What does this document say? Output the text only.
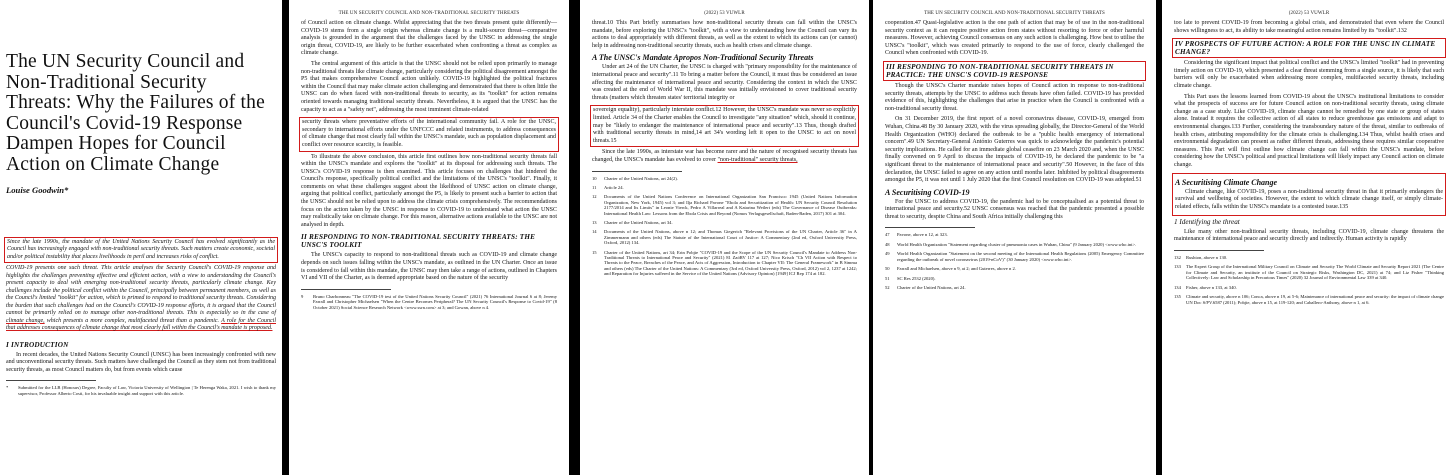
The UN Security Council and Non-Traditional Security Threats: Why the Failures of the Council's Covid-19 Response Dampen Hopes for Council Action on Climate Change
Louise Goodwin*
Since the late 1990s, the mandate of the United Nations Security Council has evolved significantly as the Council has increasingly engaged with non-traditional security threats. Such matters create economic, societal and/or political instability that places livelihoods in peril and increases risks of conflict.
COVID-19 presents one such threat. This article analyses the Security Council's COVID-19 response and highlights the challenges preventing effective and efficient action, with a view to understanding the Council's present capacity to deal with emerging non-traditional security threats, particularly climate change. Key challenges include the political conflict within the Council, principally between permanent members, as well as the Council's limited "toolkit" for action, which is primed to respond to traditional security threats. Considering the burden that such challenges had on the Council's COVID-19 response efforts, it is argued that the Council cannot be primarily relied on to manage other non-traditional threats. This is especially so in the case of climate change, which presents a more complex, multifaceted threat than a pandemic. A role for the Council that addresses consequences of climate change that most clearly fall within the Council's mandate is proposed.
I INTRODUCTION
In recent decades, the United Nations Security Council (UNSC) has been increasingly confronted with new and unconventional security threats. Such matters have challenged the Council as they stem not from traditional security threats, as most Council matters do, but from events which cause
*	Submitted for the LLB (Honours) Degree, Faculty of Law, Victoria University of Wellington | Te Herenga Waka, 2021. I wish to thank my supervisor, Professor Alberto Costi, for his invaluable insight and support with this article.
THE UN SECURITY COUNCIL AND NON-TRADITIONAL SECURITY THREATS
of Council action on climate change. Whilst appreciating that the two threats present quite differently—COVID-19 stems from a single origin whereas climate change is a multi-source threat—comparative analysis is grounded in the argument that the challenges faced by the UNSC in addressing the single origin threat, COVID-19, are likely to be further exacerbated when confronting a threat as complex as climate change.
The central argument of this article is that the UNSC should not be relied upon primarily to manage non-traditional threats like climate change, particularly considering the political disagreement amongst the P5 that makes comprehensive Council action unlikely. COVID-19 highlighted the political fractures within the Council that may make climate action challenging and demonstrated that there is often little the UNSC can do when faced with non-traditional threats to security, as its "toolkit" for action remains oriented towards managing traditional security threats. Nevertheless, it is argued that the UNSC has the capacity to act as a "safety net", addressing the most imminent climate-related
security threats where preventative efforts of the international community fail. A role for the UNSC, secondary to international efforts under the UNFCCC and related instruments, to address consequences of climate change that most clearly fall within the UNSC's mandate, such as population displacement and conflict over resource scarcity, is feasible.
To illustrate the above conclusion, this article first outlines how non-traditional security threats fall within the UNSC's mandate and explores the "toolkit" at its disposal for addressing such threats. The UNSC's COVID-19 response is then examined. This article focuses on challenges that hindered the Council's response, specifically political conflict and the limitations of the UNSC's "toolkit". Finally, it comments on what these challenges suggest about the likelihood of UNSC action on climate change, arguing that political conflict, particularly amongst the P5, is likely to present such a barrier to action that the UNSC should not be relied upon to address the climate crisis comprehensively. The recommendations focus on the action taken by the UNSC in response to COVID-19 to understand what action the UNSC may realistically take on climate change. For this reason, alternative actions available to the UNSC are not analysed in depth.
II RESPONDING TO NON-TRADITIONAL SECURITY THREATS: THE UNSC'S TOOLKIT
The UNSC's capacity to respond to non-traditional threats such as COVID-19 and climate change depends on such issues falling within the UNSC's mandate, as outlined in the UN Charter. Once an issue is considered to fall within this mandate, the UNSC may then take a range of actions, outlined in Chapters VI and VII of the Charter, as is deemed appropriate based on the nature of the security
9	Bruno Charbonneau "The COVID-19 test of the United Nations Security Council" (2021) 76 International Journal 6 at 8; Jeremy Farrall and Christopher Michaelsen "When the Centre Becomes Peripheral? The UN Security Council's Response to Covid-19" (8 October 2021) Social Science Research Network <www.ssrn.com> at 3; and Gowan, above n 4.
(2022) 53 VUWLR
threat.10 This Part briefly summarises how non-traditional security threats can fall within the UNSC's mandate, before exploring the UNSC's "toolkit", with a view to understanding how the Council can vary its actions to deal appropriately with different threats, as well as the extent to which its actions can (or cannot) help in addressing non-traditional security threats, such as health crises and climate change.
A The UNSC's Mandate Apropos Non-Traditional Security Threats
Under art 24 of the UN Charter, the UNSC is charged with "primary responsibility for the maintenance of international peace and security".11 To bring a matter before the Council, it must thus be considered an issue affecting the maintenance of international peace and security. Considering the context in which the UNSC was created at the end of World War II, this mandate was initially envisioned to cover traditional security threats (matters which threaten states' territorial integrity or
sovereign equality), particularly interstate conflict.12 However, the UNSC's mandate was never so explicitly limited. Article 34 of the Charter enables the Council to investigate "any situation" which, should it continue, may be "likely to endanger the maintenance of international peace and security".13 Thus, though drafted with traditional security threats in mind,14 art 34's wording left it open to the UNSC to act on novel threats.15
Since the late 1990s, as interstate war has become rarer and the nature of recognised security threats has changed, the UNSC's mandate has evolved to cover "non-traditional" security threats,
10	Charter of the United Nations, art 24(2).
11	Article 24.
12	Documents of the United Nations Conference on International Organization San Francisco 1945 (United Nations Information Organization, New York, 1945) vol 3; and Ilja Richard Pavone "Ebola and Securitization of Health: UN Security Council Resolution 2177/2014 and Its Limits" in Leonie Vierck, Pedro A Villarreal and A Katarina Weilert (eds) The Governance of Disease Outbreaks: International Health Law: Lessons from the Ebola Crisis and Beyond (Nomos Verlagsgesellschaft, Baden-Baden, 2017) 301 at 304.
13	Charter of the United Nations, art 34.
14	Documents of the United Nations, above n 12; and Thomas Giegerich "Relevant Provisions of the UN Charter, Article 36" in A Zimmermann and others (eds) The Statute of the International Court of Justice: A Commentary (2nd ed, Oxford University Press, Oxford, 2012) 134.
15	Charter of the United Nations, art 34; Erin Pobjie "COVID-19 and the Scope of the UN Security Council's Mandate to Address Non-Traditional Threats to International Peace and Security" (2021) 81 ZaöRV 117 at 127; Nico Krisch "Ch VII Action with Respect to Threats to the Peace, Breaches of the Peace, and Acts of Aggression, Introduction to Chapter VII: The General Framework" in B Simma and others (eds) The Charter of the United Nations: A Commentary (3rd ed, Oxford University Press, Oxford, 2012) vol 2, 1237 at 1242; and Reparation for Injuries suffered in the Service of the United Nations (Advisory Opinion) [1949] ICJ Rep 174 at 182.
THE UN SECURITY COUNCIL AND NON-TRADITIONAL SECURITY THREATS
cooperation.47 Quasi-legislative action is the one path of action that may be of use in the non-traditional security context as it can require positive action from states without resorting to force or other harmful measures. However, achieving Council consensus on any such action is challenging. How best to utilise the UNSC's "toolkit", which was created primarily to respond to the use of force, clearly challenged the Council when confronted with COVID-19.
III RESPONDING TO NON-TRADITIONAL SECURITY THREATS IN PRACTICE: THE UNSC'S COVID-19 RESPONSE
Though the UNSC's Charter mandate raises hopes of Council action in response to non-traditional security threats, attempts by the UNSC to address such threats have often failed. COVID-19 has provided evidence of this, highlighting the challenges that arise in practice when the Council is confronted with a non-traditional security threat.
On 31 December 2019, the first report of a novel coronavirus disease, COVID-19, emerged from Wuhan, China.48 By 30 January 2020, with the virus spreading globally, the Director-General of the World Health Organization (WHO) declared the outbreak to be a "public health emergency of international concern".49 UN Secretary-General António Guterres was quick to acknowledge the pandemic's potential security implications. He called for an immediate global ceasefire on 23 March 2020 and, when the UNSC finally convened on 9 April to discuss the impacts of COVID-19, he declared the pandemic to be "a significant threat to the maintenance of international peace and security".50 However, in the face of this declaration, the UNSC failed to agree on any action until months later. Inhibited by political disagreements amongst the P5, it was not until 1 July 2020 that the first Council resolution on COVID-19 was adopted.51
A Securitising COVID-19
For the UNSC to address COVID-19, the pandemic had to be conceptualised as a potential threat to international peace and security.52 UNSC consensus was reached that the pandemic presented a possible threat to security, despite China and South Africa initially challenging this
47	Pavone, above n 12, at 323.
48	World Health Organization "Statement regarding cluster of pneumonia cases in Wuhan, China" (9 January 2020) <www.who.int>.
49	World Health Organization "Statement on the second meeting of the International Health Regulations (2005) Emergency Committee regarding the outbreak of novel coronavirus (2019-nCoV)" (30 January 2020) <www.who.int>.
50	Farrall and Michaelsen, above n 9, at 2; and Guterres, above n 2.
51	SC Res 2532 (2020).
52	Charter of the United Nations, art 24.
(2022) 53 VUWLR
too late to prevent COVID-19 from becoming a global crisis, and demonstrated that even where the Council shows willingness to act, its ability to take meaningful action remains limited by its "toolkit".132
IV PROSPECTS OF FUTURE ACTION: A ROLE FOR THE UNSC IN CLIMATE CHANGE?
Considering the significant impact that political conflict and the UNSC's limited "toolkit" had in preventing timely action on COVID-19, which presented a clear threat stemming from a single source, it is likely that such barriers will only be exacerbated when addressing more complex, multifaceted security threats, including climate change.
This Part uses the lessons learned from COVID-19 about the UNSC's institutional limitations to consider what the prospects of success are for future Council action on non-traditional security threats, using climate change as a case study. Like COVID-19, climate change cannot be remedied by one state or group of states alone. Instead it requires the collective action of all states to reduce greenhouse gas emissions and adapt to environmental changes.133 Further, considering the transboundary nature of the threat, similar to outbreaks of health crises, attributing responsibility for the climate crisis is challenging.134 Thus, whilst health crises and environmental degradation can present as rather different threats, addressing these requires similar cooperative measures. This Part will first outline how climate change can fall within the UNSC's mandate, before considering how the UNSC's political and practical limitations will likely impact any Council action on climate change.
A Securitising Climate Change
Climate change, like COVID-19, poses a non-traditional security threat in that it primarily endangers the survival and wellbeing of societies. However, the extent to which climate change itself, or simply climate-related effects, falls within the UNSC's mandate is a contested issue.135
1 Identifying the threat
Like many other non-traditional security threats, including COVID-19, climate change threatens the maintenance of international peace and security directly and indirectly. Human activity is rapidly
132	Rushton, above n 130.
133	The Expert Group of the International Military Council on Climate and Security The World Climate and Security Report 2021 (The Centre for Climate and Security, an institute of the Council on Strategic Risks, Washington DC, 2021) at 74; and Liz Fisher "Thinking Collectively: Law and Scholarship in Precarious Times" (2020) 32 Journal of Environmental Law 339 at 340.
134	Fisher, above n 133, at 340.
135	Climate and security, above n 106; Conca, above n 19, at 5-6; Maintenance of international peace and security: the impact of climate change UN Doc S/PV.6587 (2011); Pobjie, above n 15, at 119-120; and Caballero-Anthony, above n 1, at 6.
